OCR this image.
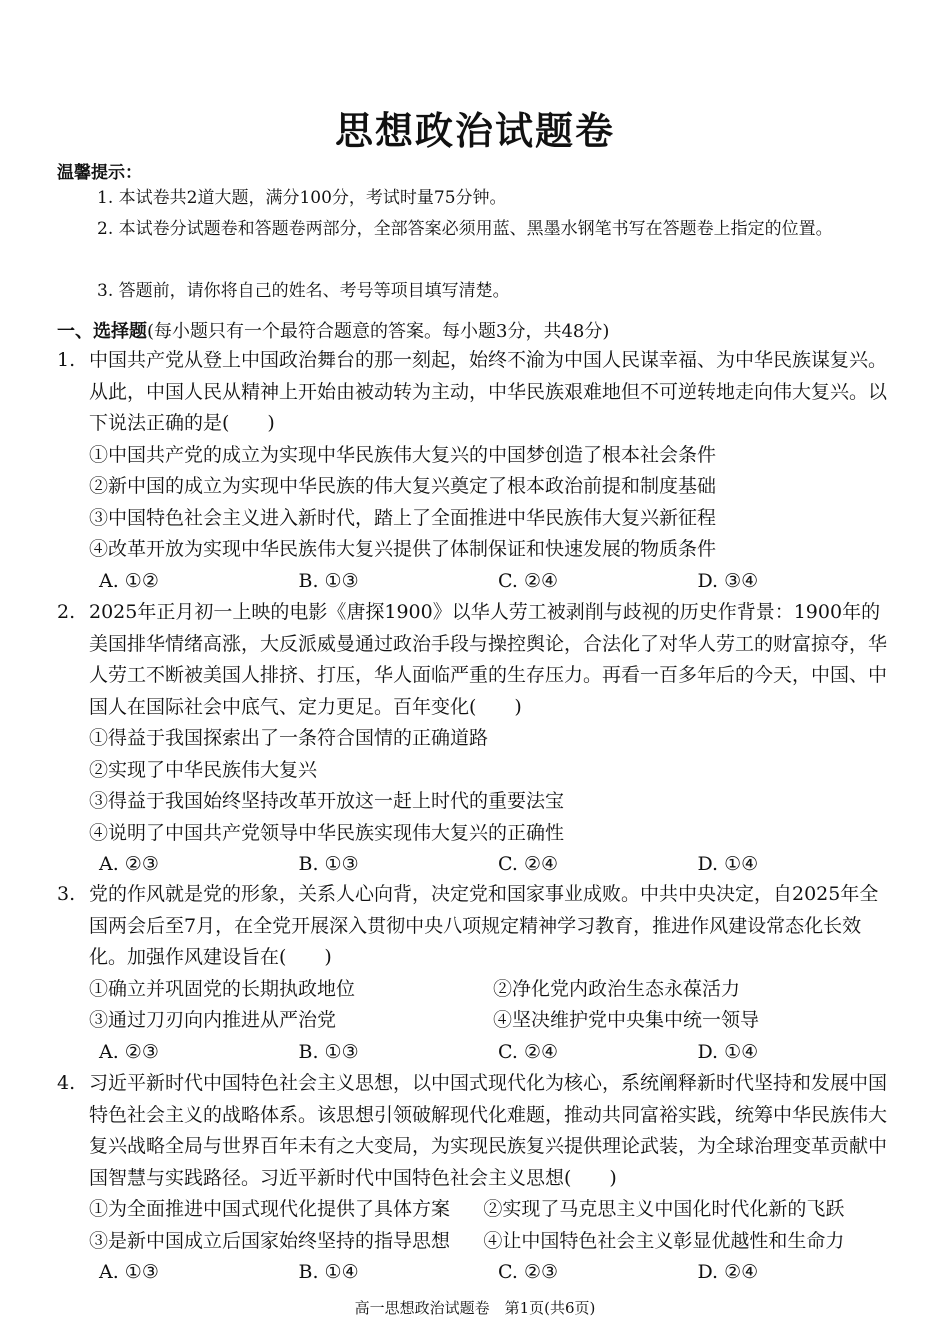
思想政治试题卷
温馨提示：
1. 本试卷共2道大题，满分100分，考试时量75分钟。
2. 本试卷分试题卷和答题卷两部分，全部答案必须用蓝、黑墨水钢笔书写在答题卷上指定的位置。
3. 答题前，请你将自己的姓名、考号等项目填写清楚。
一、选择题(每小题只有一个最符合题意的答案。每小题3分，共48分)
1. 中国共产党从登上中国政治舞台的那一刻起，始终不渝为中国人民谋幸福、为中华民族谋复兴。从此，中国人民从精神上开始由被动转为主动，中华民族艰难地但不可逆转地走向伟大复兴。以下说法正确的是(　　)
①中国共产党的成立为实现中华民族伟大复兴的中国梦创造了根本社会条件
②新中国的成立为实现中华民族的伟大复兴奠定了根本政治前提和制度基础
③中国特色社会主义进入新时代，踏上了全面推进中华民族伟大复兴新征程
④改革开放为实现中华民族伟大复兴提供了体制保证和快速发展的物质条件
A. ①②	B. ①③	C. ②④	D. ③④
2. 2025年正月初一上映的电影《唐探1900》以华人劳工被剥削与歧视的历史作背景：1900年的美国排华情绪高涨，大反派威曼通过政治手段与操控舆论，合法化了对华人劳工的财富掠夺，华人劳工不断被美国人排挤、打压，华人面临严重的生存压力。再看一百多年后的今天，中国、中国人在国际社会中底气、定力更足。百年变化(　　)
①得益于我国探索出了一条符合国情的正确道路
②实现了中华民族伟大复兴
③得益于我国始终坚持改革开放这一赶上时代的重要法宝
④说明了中国共产党领导中华民族实现伟大复兴的正确性
A. ②③	B. ①③	C. ②④	D. ①④
3. 党的作风就是党的形象，关系人心向背，决定党和国家事业成败。中共中央决定，自2025年全国两会后至7月，在全党开展深入贯彻中央八项规定精神学习教育，推进作风建设常态化长效化。加强作风建设旨在(　　)
①确立并巩固党的长期执政地位	②净化党内政治生态永葆活力
③通过刀刃向内推进从严治党	④坚决维护党中央集中统一领导
A. ②③	B. ①③	C. ②④	D. ①④
4. 习近平新时代中国特色社会主义思想，以中国式现代化为核心，系统阐释新时代坚持和发展中国特色社会主义的战略体系。该思想引领破解现代化难题，推动共同富裕实践，统筹中华民族伟大复兴战略全局与世界百年未有之大变局，为实现民族复兴提供理论武装，为全球治理变革贡献中国智慧与实践路径。习近平新时代中国特色社会主义思想(　　)
①为全面推进中国式现代化提供了具体方案	②实现了马克思主义中国化时代化新的飞跃
③是新中国成立后国家始终坚持的指导思想	④让中国特色社会主义彰显优越性和生命力
A. ①③	B. ①④	C. ②③	D. ②④
高一思想政治试题卷　第1页(共6页)
